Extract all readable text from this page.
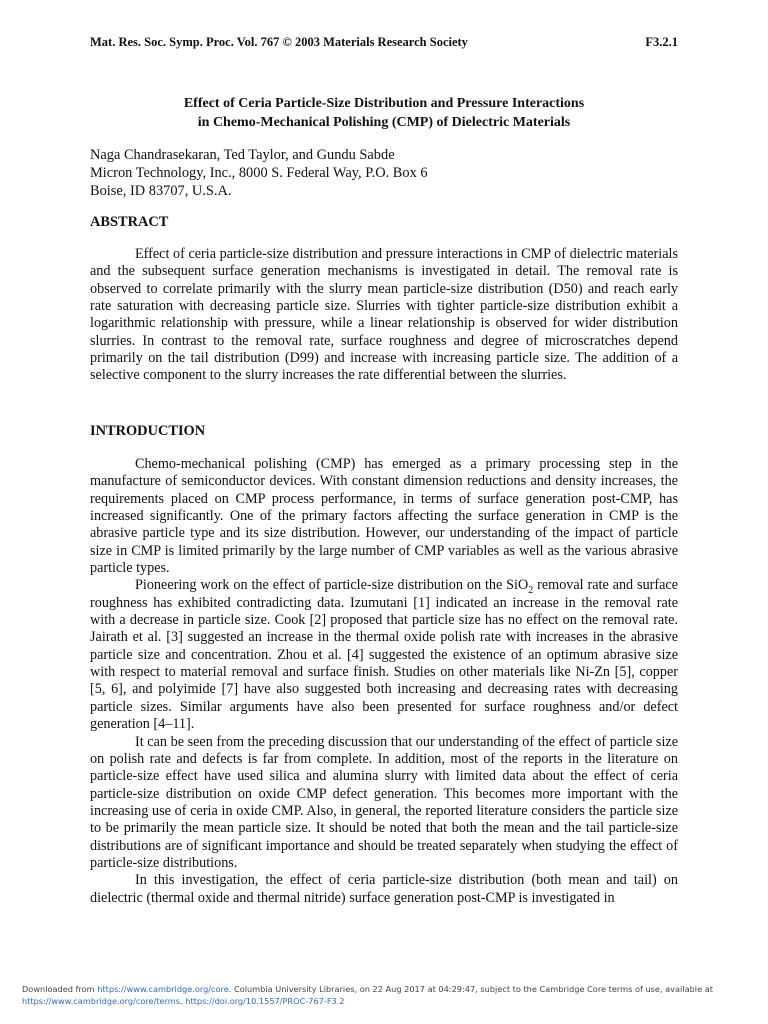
Mat. Res. Soc. Symp. Proc. Vol. 767 © 2003 Materials Research Society	F3.2.1
Effect of Ceria Particle-Size Distribution and Pressure Interactions
in Chemo-Mechanical Polishing (CMP) of Dielectric Materials
Naga Chandrasekaran, Ted Taylor, and Gundu Sabde
Micron Technology, Inc., 8000 S. Federal Way, P.O. Box 6
Boise, ID 83707, U.S.A.
ABSTRACT

Effect of ceria particle-size distribution and pressure interactions in CMP of dielectric materials and the subsequent surface generation mechanisms is investigated in detail. The removal rate is observed to correlate primarily with the slurry mean particle-size distribution (D50) and reach early rate saturation with decreasing particle size. Slurries with tighter particle-size distribution exhibit a logarithmic relationship with pressure, while a linear relationship is observed for wider distribution slurries. In contrast to the removal rate, surface roughness and degree of microscratches depend primarily on the tail distribution (D99) and increase with increasing particle size. The addition of a selective component to the slurry increases the rate differential between the slurries.

INTRODUCTION

Chemo-mechanical polishing (CMP) has emerged as a primary processing step in the manufacture of semiconductor devices. With constant dimension reductions and density increases, the requirements placed on CMP process performance, in terms of surface generation post-CMP, has increased significantly. One of the primary factors affecting the surface generation in CMP is the abrasive particle type and its size distribution. However, our understanding of the impact of particle size in CMP is limited primarily by the large number of CMP variables as well as the various abrasive particle types.

Pioneering work on the effect of particle-size distribution on the SiO$_2$ removal rate and surface roughness has exhibited contradicting data. Izumutani [1] indicated an increase in the removal rate with a decrease in particle size. Cook [2] proposed that particle size has no effect on the removal rate. Jairath et al. [3] suggested an increase in the thermal oxide polish rate with increases in the abrasive particle size and concentration. Zhou et al. [4] suggested the existence of an optimum abrasive size with respect to material removal and surface finish. Studies on other materials like Ni-Zn [5], copper [5, 6], and polyimide [7] have also suggested both increasing and decreasing rates with decreasing particle sizes. Similar arguments have also been presented for surface roughness and/or defect generation [4–11].

It can be seen from the preceding discussion that our understanding of the effect of particle size on polish rate and defects is far from complete. In addition, most of the reports in the literature on particle-size effect have used silica and alumina slurry with limited data about the effect of ceria particle-size distribution on oxide CMP defect generation. This becomes more important with the increasing use of ceria in oxide CMP. Also, in general, the reported literature considers the particle size to be primarily the mean particle size. It should be noted that both the mean and the tail particle-size distributions are of significant importance and should be treated separately when studying the effect of particle-size distributions.

In this investigation, the effect of ceria particle-size distribution (both mean and tail) on dielectric (thermal oxide and thermal nitride) surface generation post-CMP is investigated in

Downloaded from https://www.cambridge.org/core. Columbia University Libraries, on 22 Aug 2017 at 04:29:47, subject to the Cambridge Core terms of use, available at
https://www.cambridge.org/core/terms. https://doi.org/10.1557/PROC-767-F3.2
